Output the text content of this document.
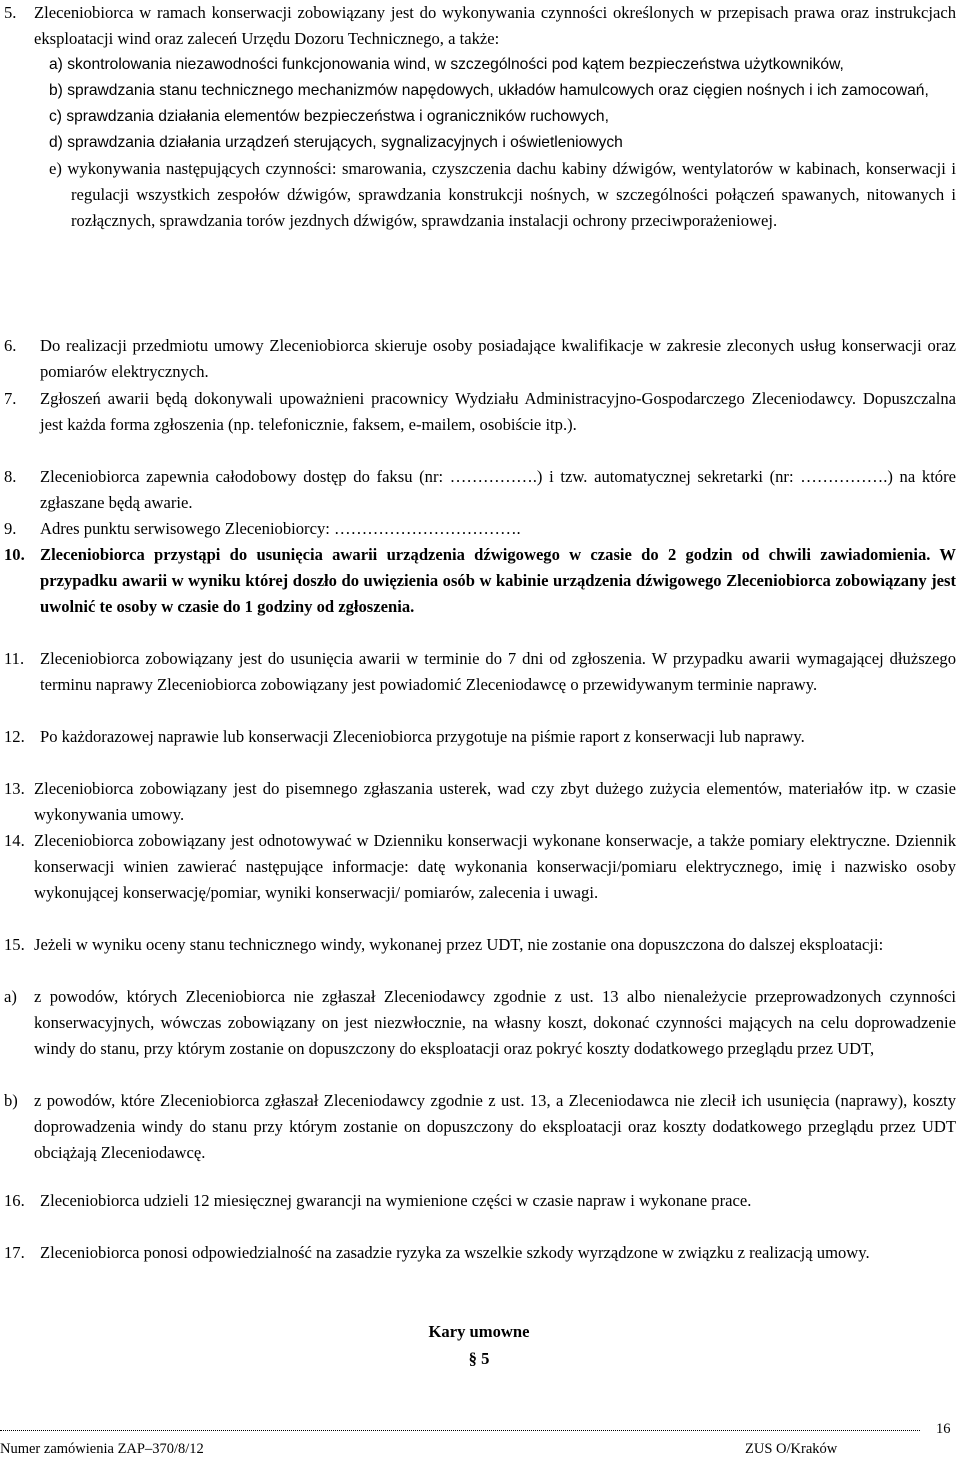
5.	Zleceniobiorca w ramach konserwacji zobowiązany jest do wykonywania czynności określonych w przepisach prawa oraz instrukcjach eksploatacji wind oraz zaleceń Urzędu Dozoru Technicznego, a także:
a) skontrolowania niezawodności funkcjonowania wind, w szczególności pod kątem bezpieczeństwa użytkowników,
b) sprawdzania stanu technicznego mechanizmów napędowych, układów hamulcowych oraz cięgien nośnych i ich zamocowań,
c) sprawdzania działania elementów bezpieczeństwa i ograniczników ruchowych,
d) sprawdzania działania urządzeń sterujących, sygnalizacyjnych i oświetleniowych
e) wykonywania następujących czynności: smarowania, czyszczenia dachu kabiny dźwigów, wentylatorów w kabinach, konserwacji i regulacji wszystkich zespołów dźwigów, sprawdzania konstrukcji nośnych, w szczególności połączeń spawanych, nitowanych i rozłącznych, sprawdzania torów jezdnych dźwigów, sprawdzania instalacji ochrony przeciwporażeniowej.
6.	Do realizacji przedmiotu umowy Zleceniobiorca skieruje osoby posiadające kwalifikacje w zakresie zleconych usług konserwacji oraz pomiarów elektrycznych.
7.	Zgłoszeń awarii będą dokonywali upoważnieni pracownicy Wydziału Administracyjno-Gospodarczego Zleceniodawcy. Dopuszczalna jest każda forma zgłoszenia (np. telefonicznie, faksem, e-mailem, osobiście itp.).
8.	Zleceniobiorca zapewnia całodobowy dostęp do faksu (nr: …………….) i tzw. automatycznej sekretarki (nr: …………….) na które zgłaszane będą awarie.
9.	Adres punktu serwisowego Zleceniobiorcy: …………………………….
10. Zleceniobiorca przystąpi do usunięcia awarii urządzenia dźwigowego w czasie do 2 godzin od chwili zawiadomienia. W przypadku awarii w wyniku której doszło do uwięzienia osób w kabinie urządzenia dźwigowego Zleceniobiorca zobowiązany jest uwolnić te osoby w czasie do 1 godziny od zgłoszenia.
11. Zleceniobiorca zobowiązany jest do usunięcia awarii w terminie do 7 dni od zgłoszenia. W przypadku awarii wymagającej dłuższego terminu naprawy Zleceniobiorca zobowiązany jest powiadomić Zleceniodawcę o przewidywanym terminie naprawy.
12. Po każdorazowej naprawie lub konserwacji Zleceniobiorca przygotuje na piśmie raport z konserwacji lub naprawy.
13. Zleceniobiorca zobowiązany jest do pisemnego zgłaszania usterek, wad czy zbyt dużego zużycia elementów, materiałów itp. w czasie wykonywania umowy.
14. Zleceniobiorca zobowiązany jest odnotowywać w Dzienniku konserwacji wykonane konserwacje, a także pomiary elektryczne. Dziennik konserwacji winien zawierać następujące informacje: datę wykonania konserwacji/pomiaru elektrycznego, imię i nazwisko osoby wykonującej konserwację/pomiar, wyniki konserwacji/ pomiarów, zalecenia i uwagi.
15. Jeżeli w wyniku oceny stanu technicznego windy, wykonanej przez UDT, nie zostanie ona dopuszczona do dalszej eksploatacji:
a)	z powodów, których Zleceniobiorca nie zgłaszał Zleceniodawcy zgodnie z ust. 13 albo nienależycie przeprowadzonych czynności konserwacyjnych, wówczas zobowiązany on jest niezwłocznie, na własny koszt, dokonać czynności mających na celu doprowadzenie windy do stanu, przy którym zostanie on dopuszczony do eksploatacji oraz pokryć koszty dodatkowego przeglądu przez UDT,
b) z powodów, które Zleceniobiorca zgłaszał Zleceniodawcy zgodnie z ust. 13, a Zleceniodawca nie zlecił ich usunięcia (naprawy), koszty doprowadzenia windy do stanu przy którym zostanie on dopuszczony do eksploatacji oraz koszty dodatkowego przeglądu przez UDT obciążają Zleceniodawcę.
16. Zleceniobiorca udzieli 12 miesięcznej gwarancji na wymienione części w czasie napraw i wykonane prace.
17. Zleceniobiorca ponosi odpowiedzialność na zasadzie ryzyka za wszelkie szkody wyrządzone w związku z realizacją umowy.
Kary umowne
§ 5
16
Numer zamówienia ZAP–370/8/12	ZUS O/Kraków
